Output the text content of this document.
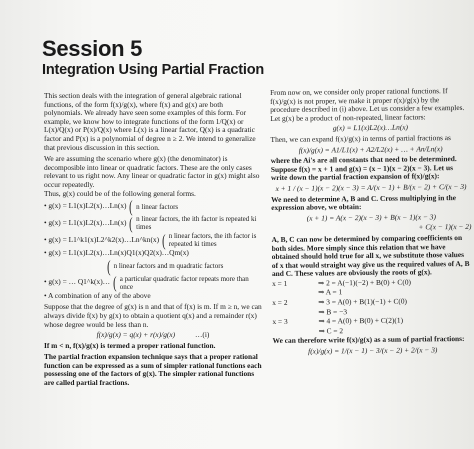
Session 5
Integration Using Partial Fraction

This section deals with the integration of general algebraic rational functions, of the form f(x)/g(x), where f(x) and g(x) are both polynomials. We already have seen some examples of this form. For example, we know how to integrate functions of the form 1/Q(x) or L(x)/Q(x) or P(x)/Q(x) where L(x) is a linear factor, Q(x) is a quadratic factor and P(x) is a polynomial of degree n ≥ 2. We intend to generalize that previous discussion in this section.

We are assuming the scenario where g(x) (the denominator) is decomposible into linear or quadratic factors. These are the only cases relevant to us right now. Any linear or quadratic factor in g(x) might also occur repeatedly.

Thus, g(x) could be of the following general forms.

• g(x) = L1(x)L2(x)…Ln(x) ( n linear factors
• g(x) = L1(x)L2(x)…Ln(x) ( n linear factors, the ith factor is repeated ki times
• g(x) = L1^k1(x)L2^k2(x)…Ln^kn(x) ( n linear factors, the ith factor is repeated ki times
• g(x) = L1(x)L2(x)…Ln(x)Q1(x)Q2(x)…Qm(x)
( n linear factors and m quadratic factors
• g(x) = … Q1^k(x)… ( a particular quadratic factor repeats more than once

• A combination of any of the above

Suppose that the degree of g(x) is n and that of f(x) is m. If m ≥ n, we can always divide f(x) by g(x) to obtain a quotient q(x) and a remainder r(x) whose degree would be less than n.

f(x)/g(x) = q(x) + r(x)/g(x)	…(i)

If m < n, f(x)/g(x) is termed a proper rational function.

The partial fraction expansion technique says that a proper rational function can be expressed as a sum of simpler rational functions each possessing one of the factors of g(x). The simpler rational functions are called partial fractions.

From now on, we consider only proper rational functions. If f(x)/g(x) is not proper, we make it proper r(x)/g(x) by the procedure described in (i) above. Let us consider a few examples.

Let g(x) be a product of non-repeated, linear factors:

g(x) = L1(x)L2(x)…Ln(x)

Then, we can expand f(x)/g(x) in terms of partial fractions as

f(x)/g(x) = A1/L1(x) + A2/L2(x) + … + An/Ln(x)

where the Ai's are all constants that need to be determined. Suppose f(x) = x + 1 and g(x) = (x − 1)(x − 2)(x − 3). Let us write down the partial fraction expansion of f(x)/g(x):

x + 1 / (x − 1)(x − 2)(x − 3) = A/(x − 1) + B/(x − 2) + C/(x − 3)

We need to determine A, B and C. Cross multiplying in the expression above, we obtain:

(x + 1) = A(x − 2)(x − 3) + B(x − 1)(x − 3)
+ C(x − 1)(x − 2)

A, B, C can now be determined by comparing coefficients on both sides. More simply since this relation that we have obtained should hold true for all x, we substitute those values of x that would straight way give us the required values of A, B and C. These values are obviously the roots of g(x).

x = 1	⇒ 2 = A(−1)(−2) + B(0) + C(0)
⇒ A = 1
x = 2	⇒ 3 = A(0) + B(1)(−1) + C(0)
⇒ B = −3
x = 3	⇒ 4 = A(0) + B(0) + C(2)(1)
⇒ C = 2

We can therefore write f(x)/g(x) as a sum of partial fractions:

f(x)/g(x) = 1/(x − 1) − 3/(x − 2) + 2/(x − 3)
